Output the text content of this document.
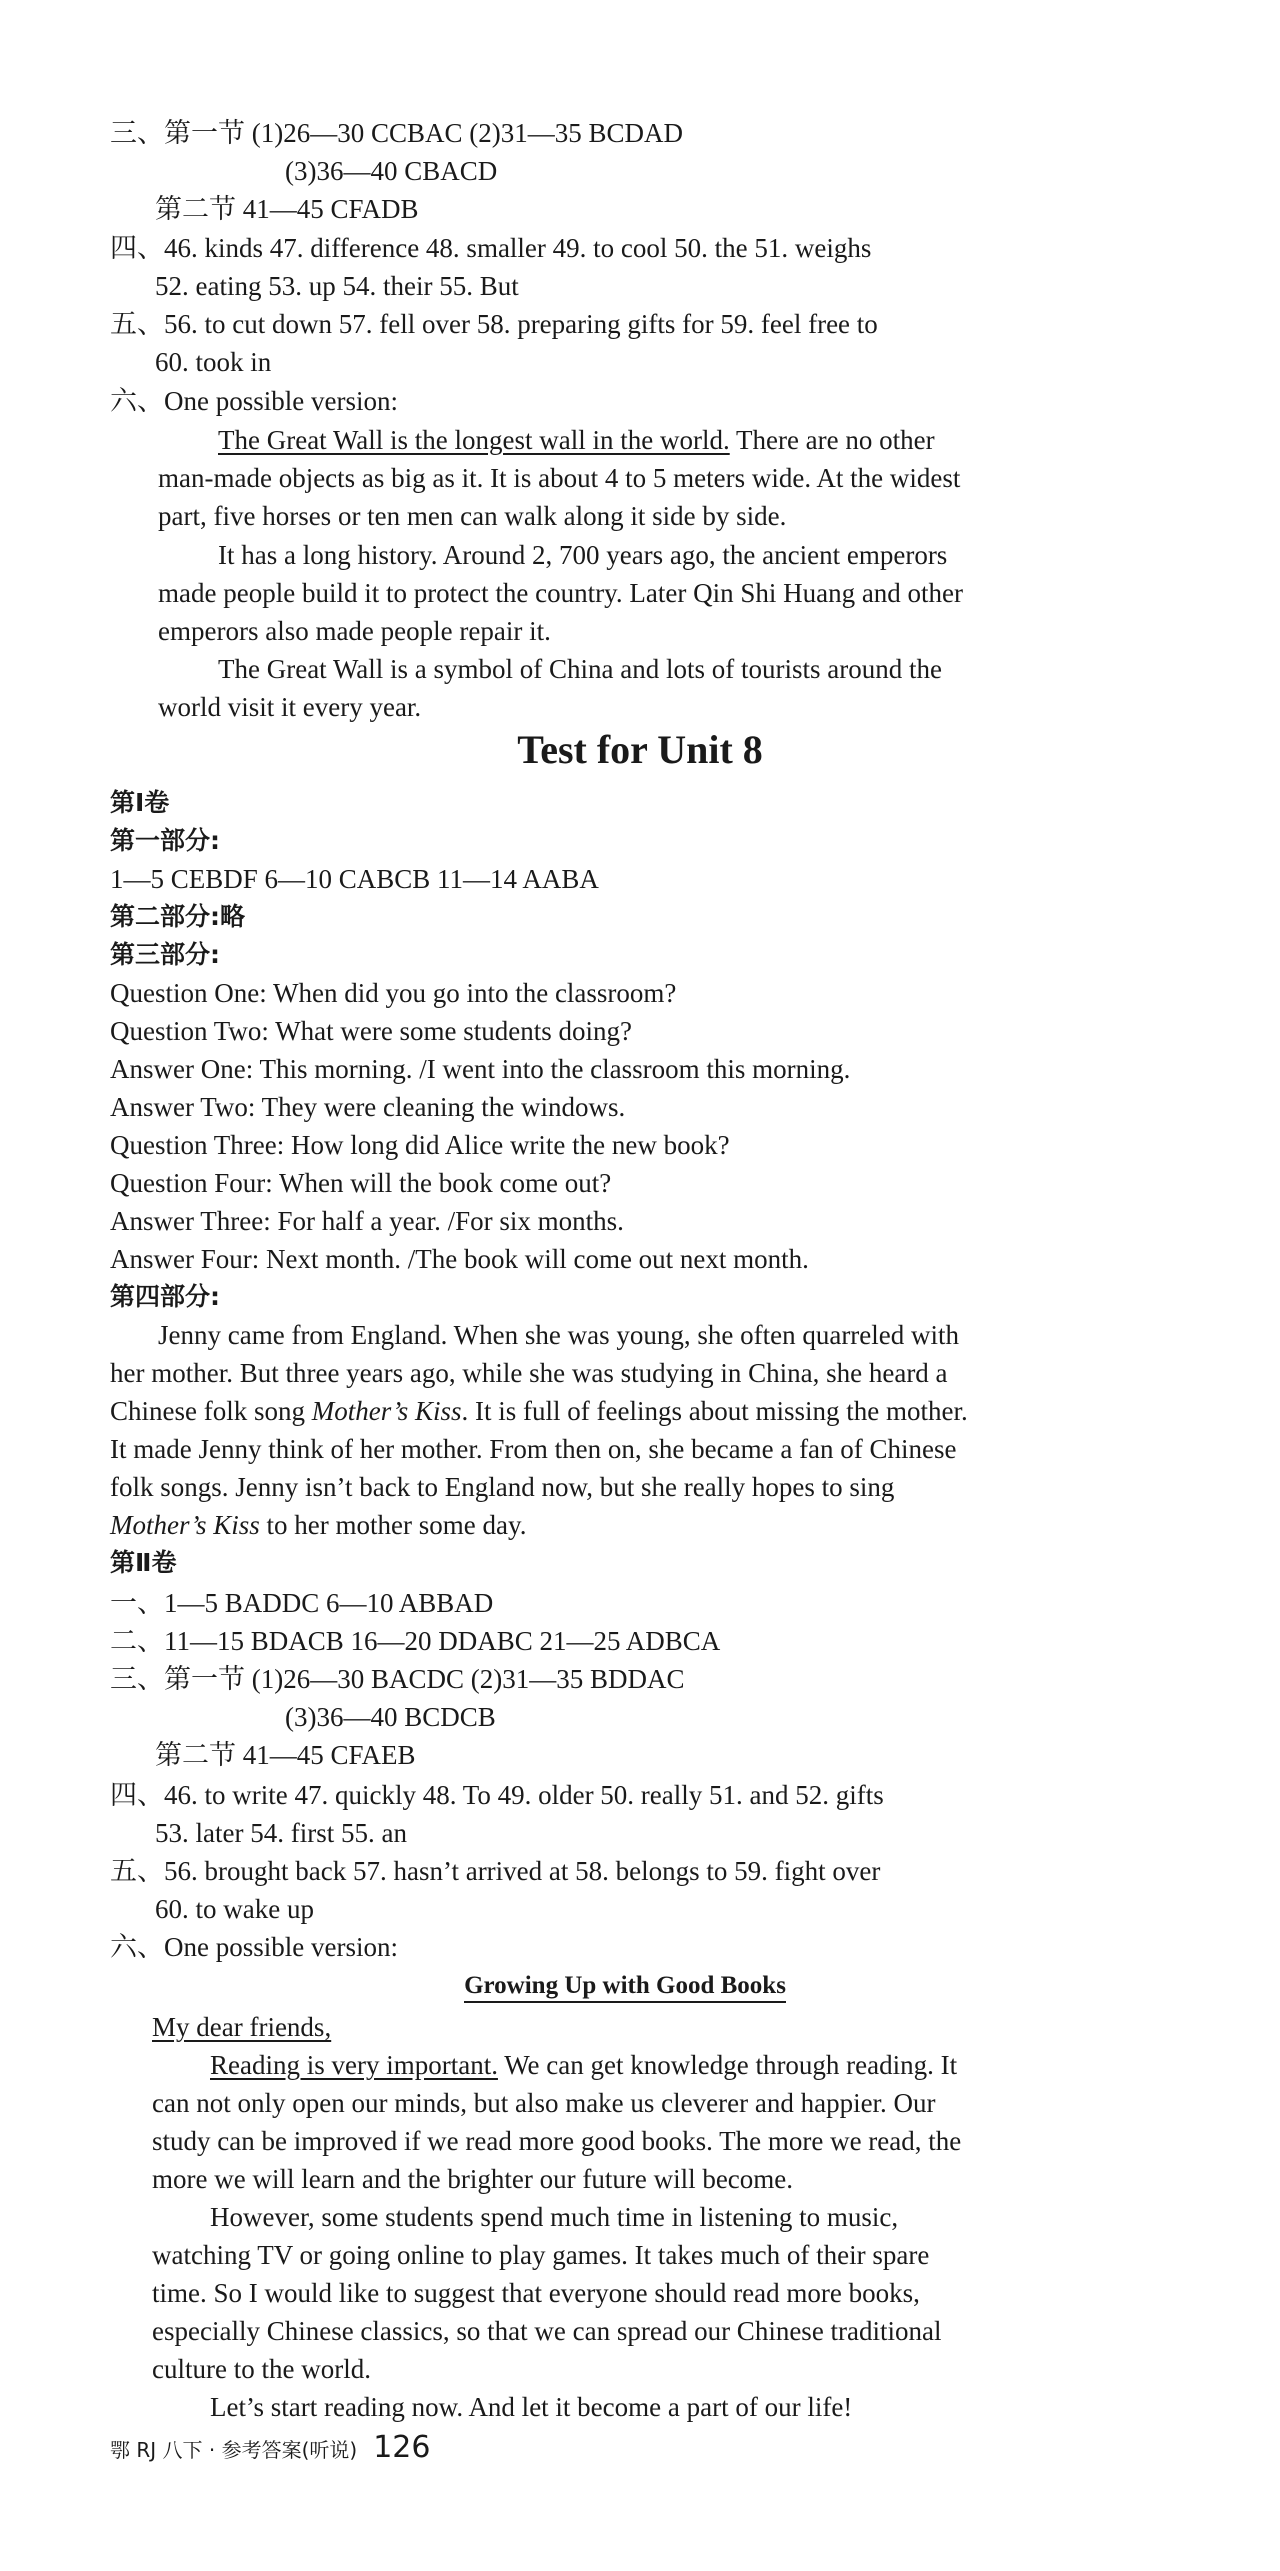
三、第一节 (1)26—30 CCBAC (2)31—35 BCDAD
(3)36—40 CBACD
第二节 41—45 CFADB
四、46. kinds 47. difference 48. smaller 49. to cool 50. the 51. weighs
52. eating 53. up 54. their 55. But
五、56. to cut down 57. fell over 58. preparing gifts for 59. feel free to
60. took in
六、One possible version:
The Great Wall is the longest wall in the world. There are no other
man-made objects as big as it. It is about 4 to 5 meters wide. At the widest
part, five horses or ten men can walk along it side by side.
It has a long history. Around 2, 700 years ago, the ancient emperors
made people build it to protect the country. Later Qin Shi Huang and other
emperors also made people repair it.
The Great Wall is a symbol of China and lots of tourists around the
world visit it every year.
Test for Unit 8
第Ⅰ卷
第一部分:
1—5 CEBDF 6—10 CABCB 11—14 AABA
第二部分:略
第三部分:
Question One: When did you go into the classroom?
Question Two: What were some students doing?
Answer One: This morning. /I went into the classroom this morning.
Answer Two: They were cleaning the windows.
Question Three: How long did Alice write the new book?
Question Four: When will the book come out?
Answer Three: For half a year. /For six months.
Answer Four: Next month. /The book will come out next month.
第四部分:
Jenny came from England. When she was young, she often quarreled with
her mother. But three years ago, while she was studying in China, she heard a
Chinese folk song Mother’s Kiss. It is full of feelings about missing the mother.
It made Jenny think of her mother. From then on, she became a fan of Chinese
folk songs. Jenny isn’t back to England now, but she really hopes to sing
Mother’s Kiss to her mother some day.
第Ⅱ卷
一、1—5 BADDC 6—10 ABBAD
二、11—15 BDACB 16—20 DDABC 21—25 ADBCA
三、第一节 (1)26—30 BACDC (2)31—35 BDDAC
(3)36—40 BCDCB
第二节 41—45 CFAEB
四、46. to write 47. quickly 48. To 49. older 50. really 51. and 52. gifts
53. later 54. first 55. an
五、56. brought back 57. hasn’t arrived at 58. belongs to 59. fight over
60. to wake up
六、One possible version:
Growing Up with Good Books
My dear friends,
Reading is very important. We can get knowledge through reading. It
can not only open our minds, but also make us cleverer and happier. Our
study can be improved if we read more good books. The more we read, the
more we will learn and the brighter our future will become.
However, some students spend much time in listening to music,
watching TV or going online to play games. It takes much of their spare
time. So I would like to suggest that everyone should read more books,
especially Chinese classics, so that we can spread our Chinese traditional
culture to the world.
Let’s start reading now. And let it become a part of our life!
鄂 RJ 八下 · 参考答案(听说) 126
